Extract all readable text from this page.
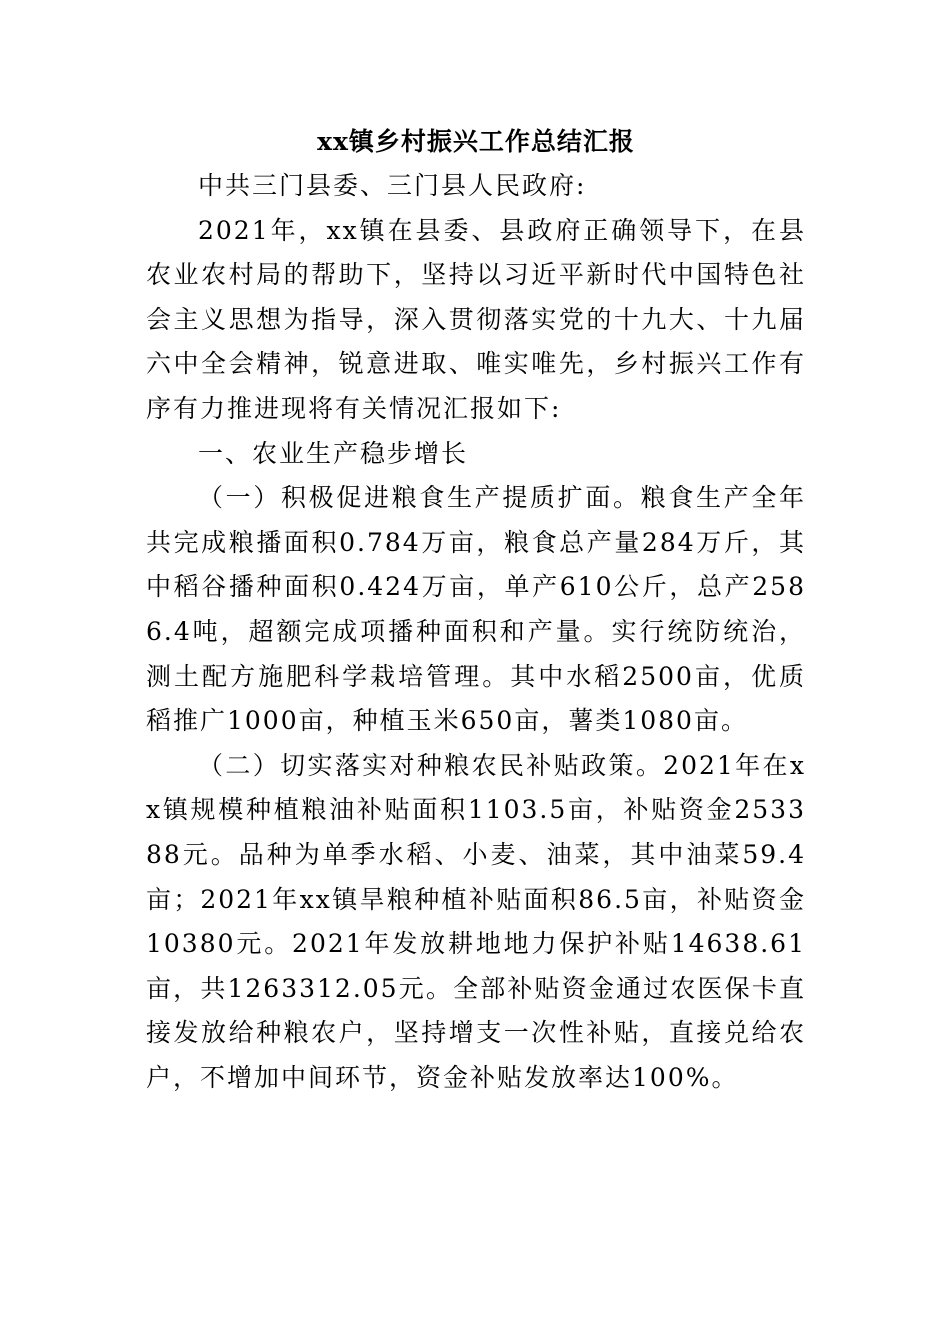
xx镇乡村振兴工作总结汇报

中共三门县委、三门县人民政府:

2021年，xx镇在县委、县政府正确领导下，在县农业农村局的帮助下，坚持以习近平新时代中国特色社会主义思想为指导，深入贯彻落实党的十九大、十九届六中全会精神，锐意进取、唯实唯先，乡村振兴工作有序有力推进现将有关情况汇报如下:

一、农业生产稳步增长

（一）积极促进粮食生产提质扩面。粮食生产全年共完成粮播面积0.784万亩，粮食总产量284万斤，其中稻谷播种面积0.424万亩，单产610公斤，总产2586.4吨，超额完成项播种面积和产量。实行统防统治，测土配方施肥科学栽培管理。其中水稻2500亩，优质稻推广1000亩，种植玉米650亩，薯类1080亩。

（二）切实落实对种粮农民补贴政策。2021年在xx镇规模种植粮油补贴面积1103.5亩，补贴资金253388元。品种为单季水稻、小麦、油菜，其中油菜59.4亩；2021年xx镇旱粮种植补贴面积86.5亩，补贴资金10380元。2021年发放耕地地力保护补贴14638.61亩，共1263312.05元。全部补贴资金通过农医保卡直接发放给种粮农户，坚持增支一次性补贴，直接兑给农户，不增加中间环节，资金补贴发放率达100%。
